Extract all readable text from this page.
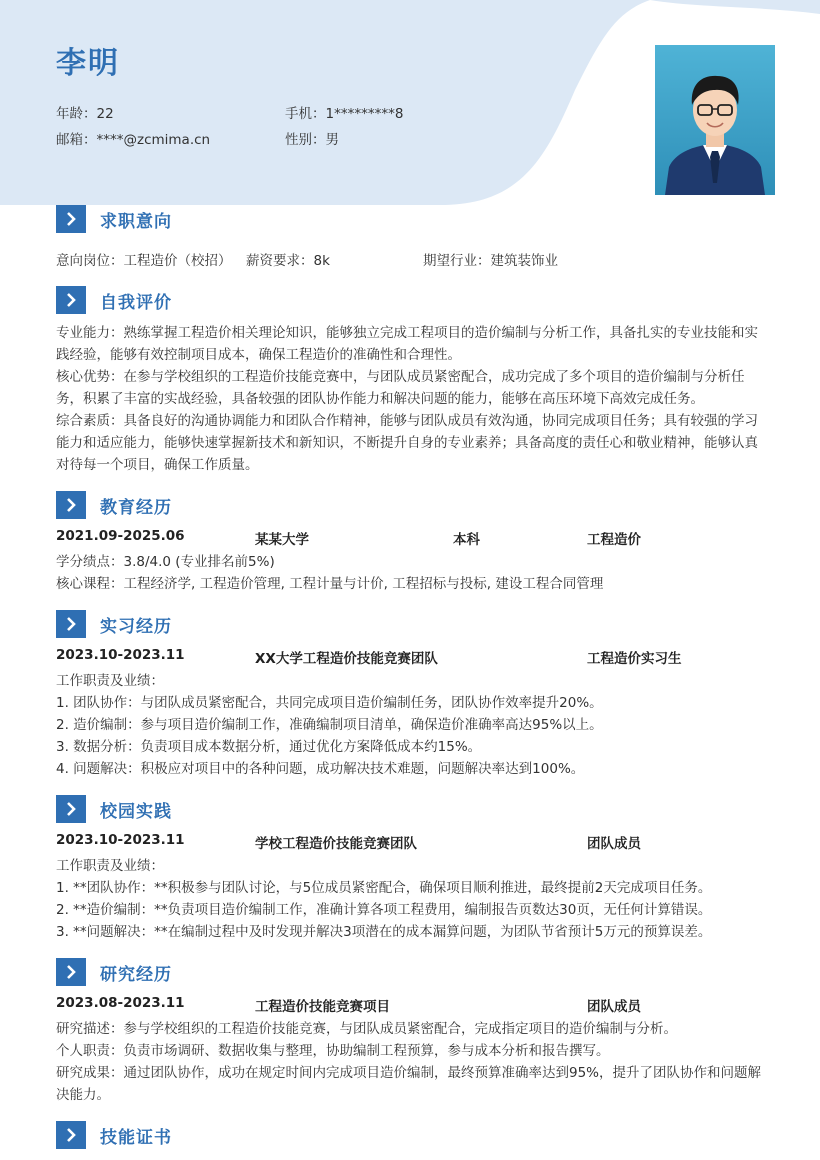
李明
年龄：22	手机：1*********8
邮箱：****@zcmima.cn	性别：男
求职意向
意向岗位：工程造价（校招） 薪资要求：8k	期望行业：建筑装饰业
自我评价
专业能力：熟练掌握工程造价相关理论知识，能够独立完成工程项目的造价编制与分析工作，具备扎实的专业技能和实践经验，能够有效控制项目成本，确保工程造价的准确性和合理性。
核心优势：在参与学校组织的工程造价技能竞赛中，与团队成员紧密配合，成功完成了多个项目的造价编制与分析任务，积累了丰富的实战经验，具备较强的团队协作能力和解决问题的能力，能够在高压环境下高效完成任务。
综合素质：具备良好的沟通协调能力和团队合作精神，能够与团队成员有效沟通，协同完成项目任务；具有较强的学习能力和适应能力，能够快速掌握新技术和新知识，不断提升自身的专业素养；具备高度的责任心和敬业精神，能够认真对待每一个项目，确保工作质量。
教育经历
2021.09-2025.06	某某大学	本科	工程造价
学分绩点：3.8/4.0 (专业排名前5%)
核心课程：工程经济学, 工程造价管理, 工程计量与计价, 工程招标与投标, 建设工程合同管理
实习经历
2023.10-2023.11	XX大学工程造价技能竞赛团队	工程造价实习生
工作职责及业绩：
1. 团队协作：与团队成员紧密配合，共同完成项目造价编制任务，团队协作效率提升20%。
2. 造价编制：参与项目造价编制工作，准确编制项目清单，确保造价准确率高达95%以上。
3. 数据分析：负责项目成本数据分析，通过优化方案降低成本约15%。
4. 问题解决：积极应对项目中的各种问题，成功解决技术难题，问题解决率达到100%。
校园实践
2023.10-2023.11	学校工程造价技能竞赛团队	团队成员
工作职责及业绩：
1. **团队协作：**积极参与团队讨论，与5位成员紧密配合，确保项目顺利推进，最终提前2天完成项目任务。
2. **造价编制：**负责项目造价编制工作，准确计算各项工程费用，编制报告页数达30页，无任何计算错误。
3. **问题解决：**在编制过程中及时发现并解决3项潜在的成本漏算问题，为团队节省预计5万元的预算误差。
研究经历
2023.08-2023.11	工程造价技能竞赛项目	团队成员
研究描述：参与学校组织的工程造价技能竞赛，与团队成员紧密配合，完成指定项目的造价编制与分析。
个人职责：负责市场调研、数据收集与整理，协助编制工程预算，参与成本分析和报告撰写。
研究成果：通过团队协作，成功在规定时间内完成项目造价编制，最终预算准确率达到95%，提升了团队协作和问题解决能力。
技能证书
